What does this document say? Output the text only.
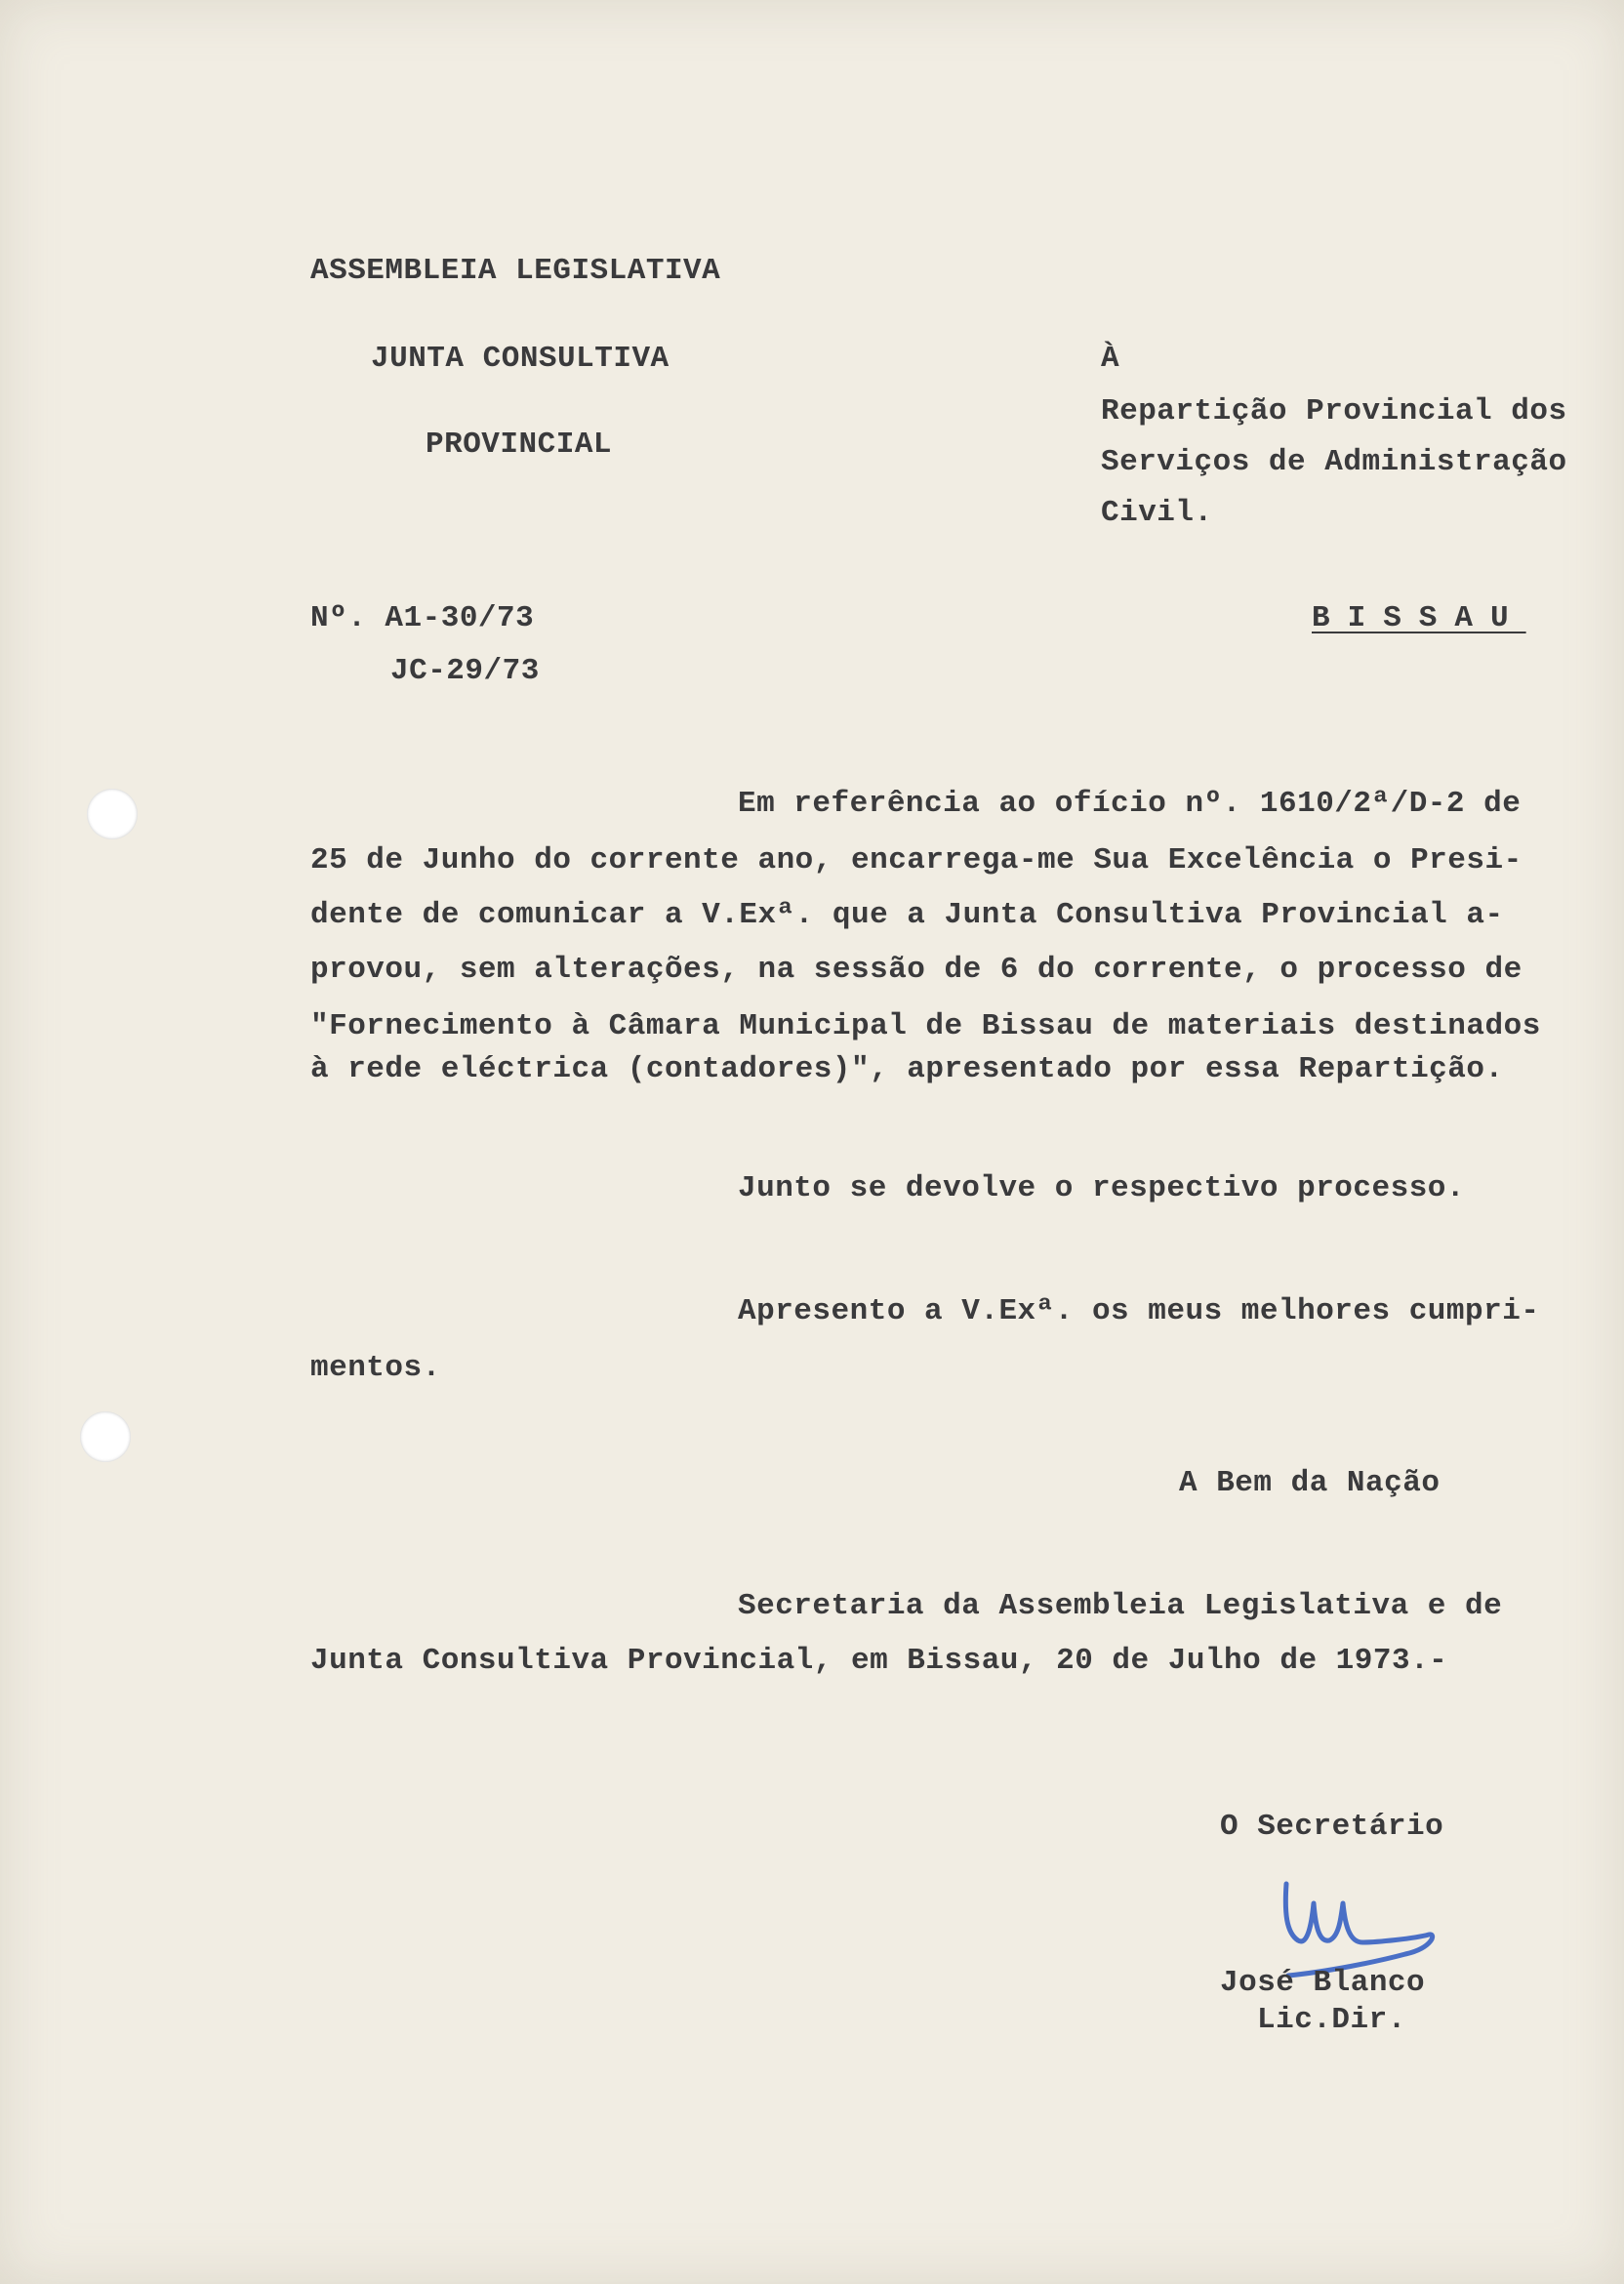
ASSEMBLEIA LEGISLATIVA
JUNTA CONSULTIVA
PROVINCIAL
À
Repartição Provincial dos
Serviços de Administração
Civil.
Nº. A1-30/73
JC-29/73
BISSAU
Em referência ao ofício nº. 1610/2ª/D-2 de
25 de Junho do corrente ano, encarrega-me Sua Excelência o Presi-
dente de comunicar a V.Exª. que a Junta Consultiva Provincial a-
provou, sem alterações, na sessão de 6 do corrente, o processo de
"Fornecimento à Câmara Municipal de Bissau de materiais destinados
à rede eléctrica (contadores)", apresentado por essa Repartição.
Junto se devolve o respectivo processo.
Apresento a V.Exª. os meus melhores cumpri-
mentos.
A Bem da Nação
Secretaria da Assembleia Legislativa e de
Junta Consultiva Provincial, em Bissau, 20 de Julho de 1973.-
O Secretário
José Blanco
Lic.Dir.
